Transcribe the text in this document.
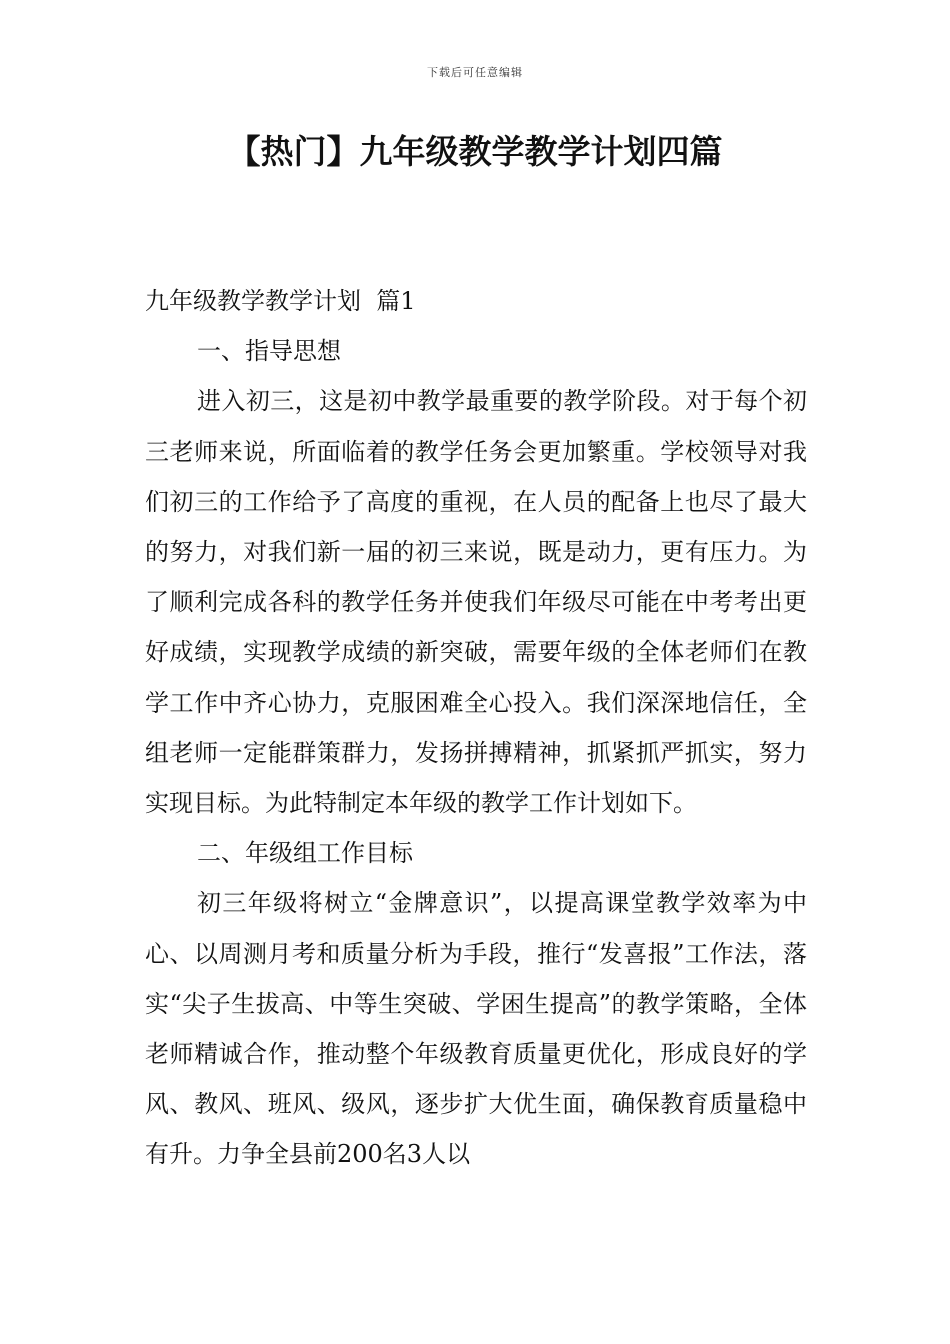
下载后可任意编辑
【热门】九年级教学教学计划四篇

九年级教学教学计划  篇1

一、指导思想

进入初三，这是初中教学最重要的教学阶段。对于每个初三老师来说，所面临着的教学任务会更加繁重。学校领导对我们初三的工作给予了高度的重视，在人员的配备上也尽了最大的努力，对我们新一届的初三来说，既是动力，更有压力。为了顺利完成各科的教学任务并使我们年级尽可能在中考考出更好成绩，实现教学成绩的新突破，需要年级的全体老师们在教学工作中齐心协力，克服困难全心投入。我们深深地信任，全组老师一定能群策群力，发扬拼搏精神，抓紧抓严抓实，努力实现目标。为此特制定本年级的教学工作计划如下。

二、年级组工作目标

初三年级将树立“金牌意识”，以提高课堂教学效率为中心、以周测月考和质量分析为手段，推行“发喜报”工作法，落实“尖子生拔高、中等生突破、学困生提高”的教学策略，全体老师精诚合作，推动整个年级教育质量更优化，形成良好的学风、教风、班风、级风，逐步扩大优生面，确保教育质量稳中有升。力争全县前200名3人以
